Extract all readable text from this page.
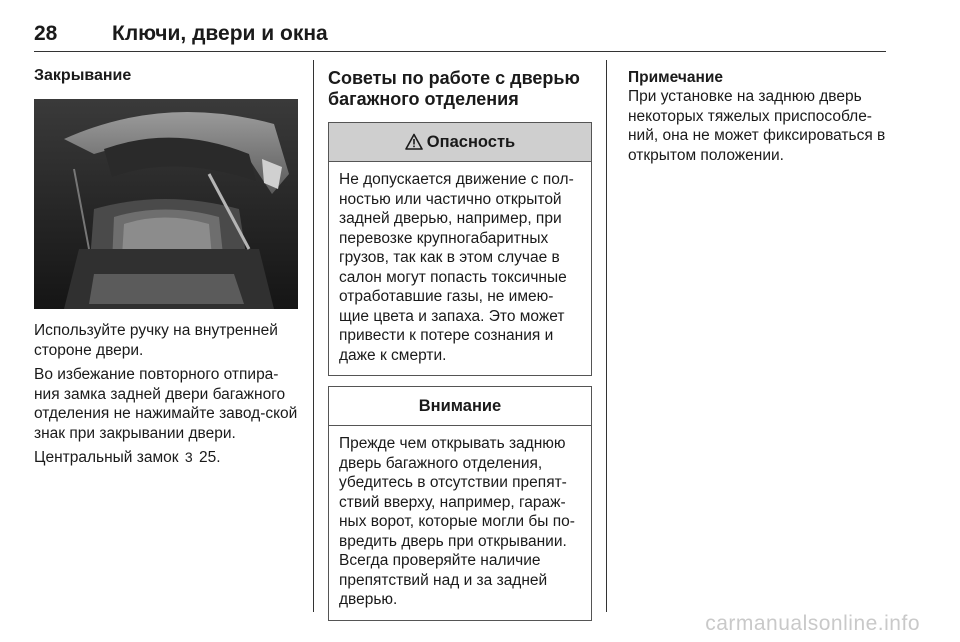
28	Ключи, двери и окна
Закрывание

Используйте ручку на внутренней стороне двери.

Во избежание повторного отпира-ния замка задней двери багажного отделения не нажимайте завод-ской знак при закрывании двери.

Центральный замок 3 25.

Советы по работе с дверью багажного отделения
Опасность
Не допускается движение с пол-ностью или частично открытой задней дверью, например, при перевозке крупногабаритных грузов, так как в этом случае в салон могут попасть токсичные отработавшие газы, не имею-щие цвета и запаха. Это может привести к потере сознания и даже к смерти.
Внимание
Прежде чем открывать заднюю дверь багажного отделения, убедитесь в отсутствии препят-ствий вверху, например, гараж-ных ворот, которые могли бы по-вредить дверь при открывании. Всегда проверяйте наличие препятствий над и за задней дверью.
Примечание

При установке на заднюю дверь некоторых тяжелых приспособле-ний, она не может фиксироваться в открытом положении.

carmanualsonline.info
